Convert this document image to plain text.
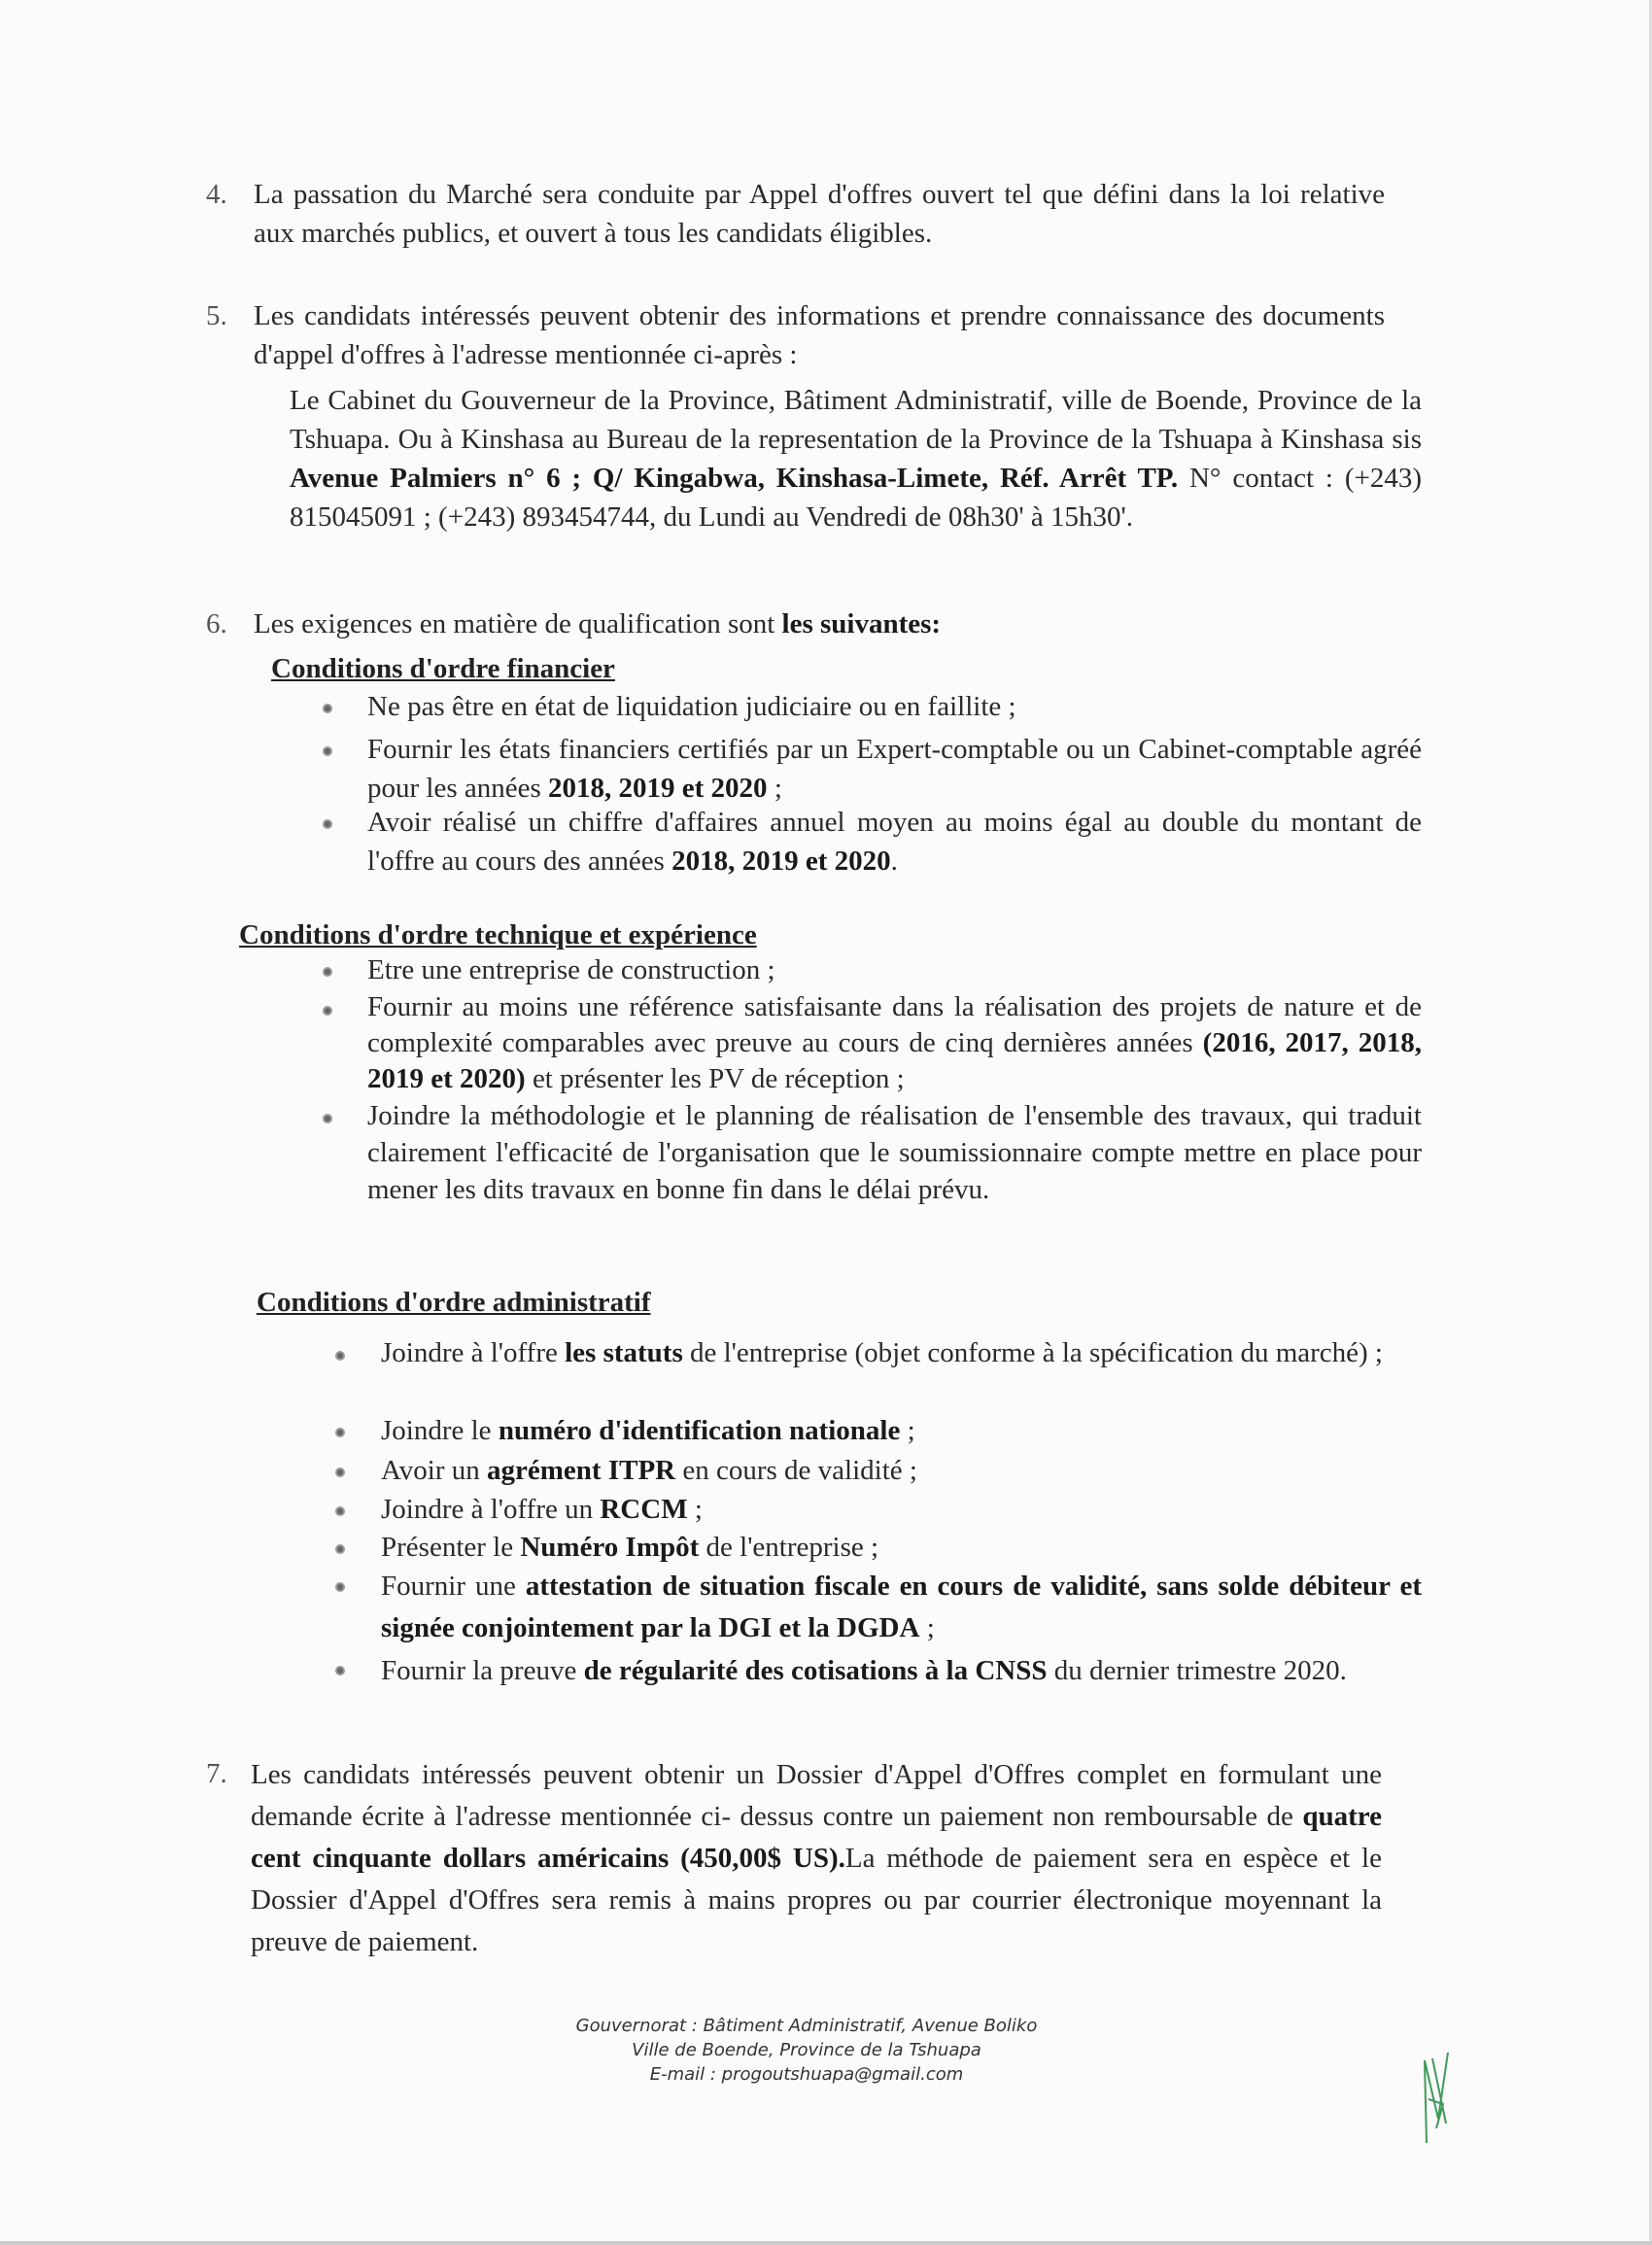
4. La passation du Marché sera conduite par Appel d'offres ouvert tel que défini dans la loi relative aux marchés publics, et ouvert à tous les candidats éligibles.
5. Les candidats intéressés peuvent obtenir des informations et prendre connaissance des documents d'appel d'offres à l'adresse mentionnée ci-après :
Le Cabinet du Gouverneur de la Province, Bâtiment Administratif, ville de Boende, Province de la Tshuapa. Ou à Kinshasa au Bureau de la representation de la Province de la Tshuapa à Kinshasa sis Avenue Palmiers n° 6 ; Q/ Kingabwa, Kinshasa-Limete, Réf. Arrêt TP. N° contact : (+243) 815045091 ; (+243) 893454744, du Lundi au Vendredi de 08h30' à 15h30'.
6. Les exigences en matière de qualification sont les suivantes:
Conditions d'ordre financier
Ne pas être en état de liquidation judiciaire ou en faillite ;
Fournir les états financiers certifiés par un Expert-comptable ou un Cabinet-comptable agréé pour les années 2018, 2019 et 2020 ;
Avoir réalisé un chiffre d'affaires annuel moyen au moins égal au double du montant de l'offre au cours des années 2018, 2019 et 2020.
Conditions d'ordre technique et expérience
Etre une entreprise de construction ;
Fournir au moins une référence satisfaisante dans la réalisation des projets de nature et de complexité comparables avec preuve au cours de cinq dernières années (2016, 2017, 2018, 2019 et 2020) et présenter les PV de réception ;
Joindre la méthodologie et le planning de réalisation de l'ensemble des travaux, qui traduit clairement l'efficacité de l'organisation que le soumissionnaire compte mettre en place pour mener les dits travaux en bonne fin dans le délai prévu.
Conditions d'ordre administratif
Joindre à l'offre les statuts de l'entreprise (objet conforme à la spécification du marché) ;
Joindre le numéro d'identification nationale ;
Avoir un agrément ITPR en cours de validité ;
Joindre à l'offre un RCCM ;
Présenter le Numéro Impôt de l'entreprise ;
Fournir une attestation de situation fiscale en cours de validité, sans solde débiteur et signée conjointement par la DGI et la DGDA ;
Fournir la preuve de régularité des cotisations à la CNSS du dernier trimestre 2020.
7. Les candidats intéressés peuvent obtenir un Dossier d'Appel d'Offres complet en formulant une demande écrite à l'adresse mentionnée ci- dessus contre un paiement non remboursable de quatre cent cinquante dollars américains (450,00$ US).La méthode de paiement sera en espèce et le Dossier d'Appel d'Offres sera remis à mains propres ou par courrier électronique moyennant la preuve de paiement.
Gouvernorat : Bâtiment Administratif, Avenue Boliko
Ville de Boende, Province de la Tshuapa
E-mail : progoutshuapa@gmail.com
